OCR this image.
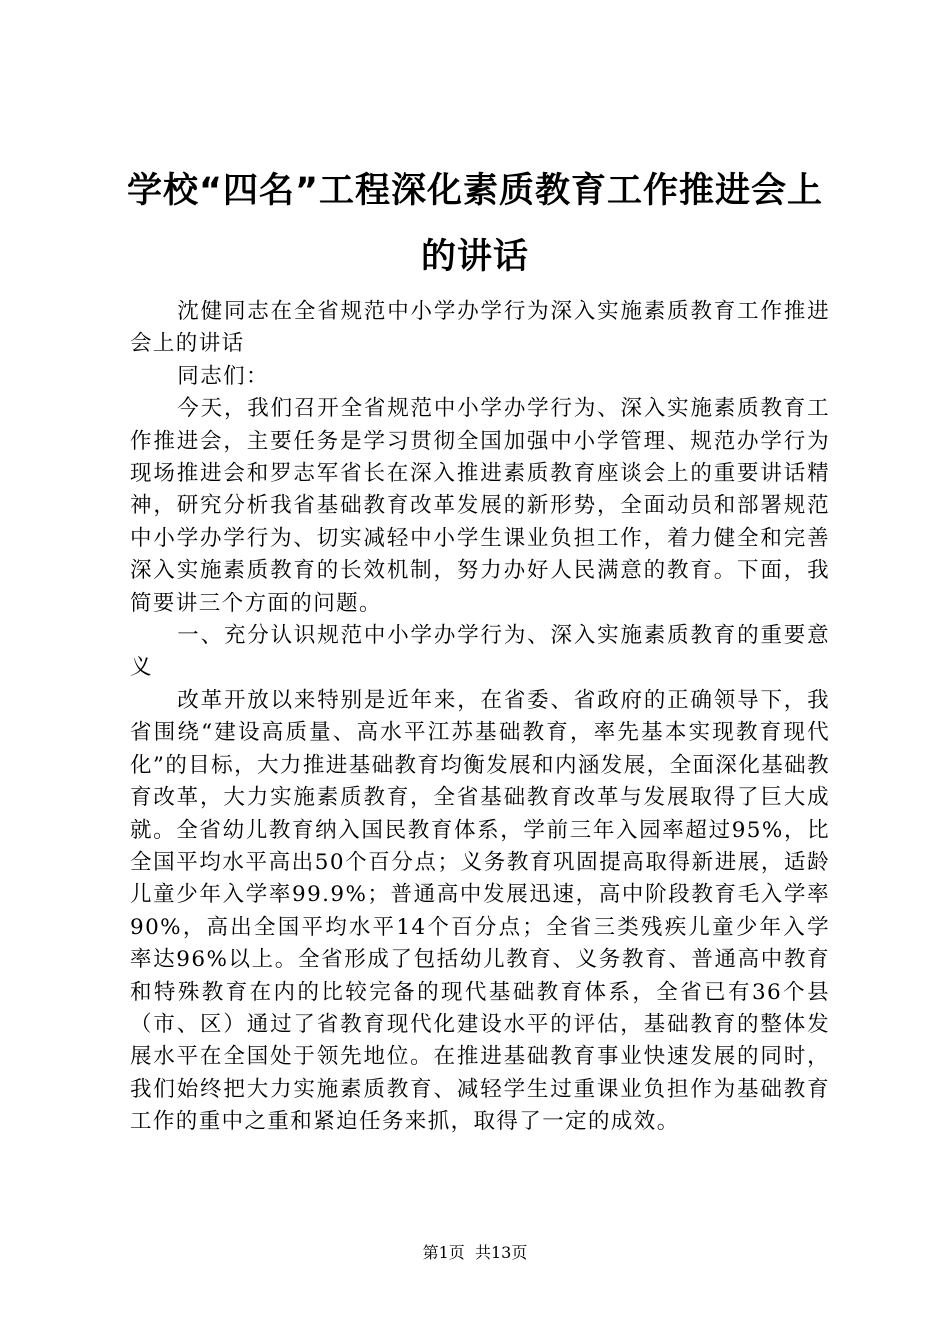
学校“四名”工程深化素质教育工作推进会上的讲话

沈健同志在全省规范中小学办学行为深入实施素质教育工作推进会上的讲话

同志们：

今天，我们召开全省规范中小学办学行为、深入实施素质教育工作推进会，主要任务是学习贯彻全国加强中小学管理、规范办学行为现场推进会和罗志军省长在深入推进素质教育座谈会上的重要讲话精神，研究分析我省基础教育改革发展的新形势，全面动员和部署规范中小学办学行为、切实减轻中小学生课业负担工作，着力健全和完善深入实施素质教育的长效机制，努力办好人民满意的教育。下面，我简要讲三个方面的问题。

一、充分认识规范中小学办学行为、深入实施素质教育的重要意义

改革开放以来特别是近年来，在省委、省政府的正确领导下，我省围绕“建设高质量、高水平江苏基础教育，率先基本实现教育现代化”的目标，大力推进基础教育均衡发展和内涵发展，全面深化基础教育改革，大力实施素质教育，全省基础教育改革与发展取得了巨大成就。全省幼儿教育纳入国民教育体系，学前三年入园率超过95%，比全国平均水平高出50个百分点；义务教育巩固提高取得新进展，适龄儿童少年入学率99.9%；普通高中发展迅速，高中阶段教育毛入学率90%，高出全国平均水平14个百分点；全省三类残疾儿童少年入学率达96%以上。全省形成了包括幼儿教育、义务教育、普通高中教育和特殊教育在内的比较完备的现代基础教育体系，全省已有36个县（市、区）通过了省教育现代化建设水平的评估，基础教育的整体发展水平在全国处于领先地位。在推进基础教育事业快速发展的同时，我们始终把大力实施素质教育、减轻学生过重课业负担作为基础教育工作的重中之重和紧迫任务来抓，取得了一定的成效。

第1页 共13页
